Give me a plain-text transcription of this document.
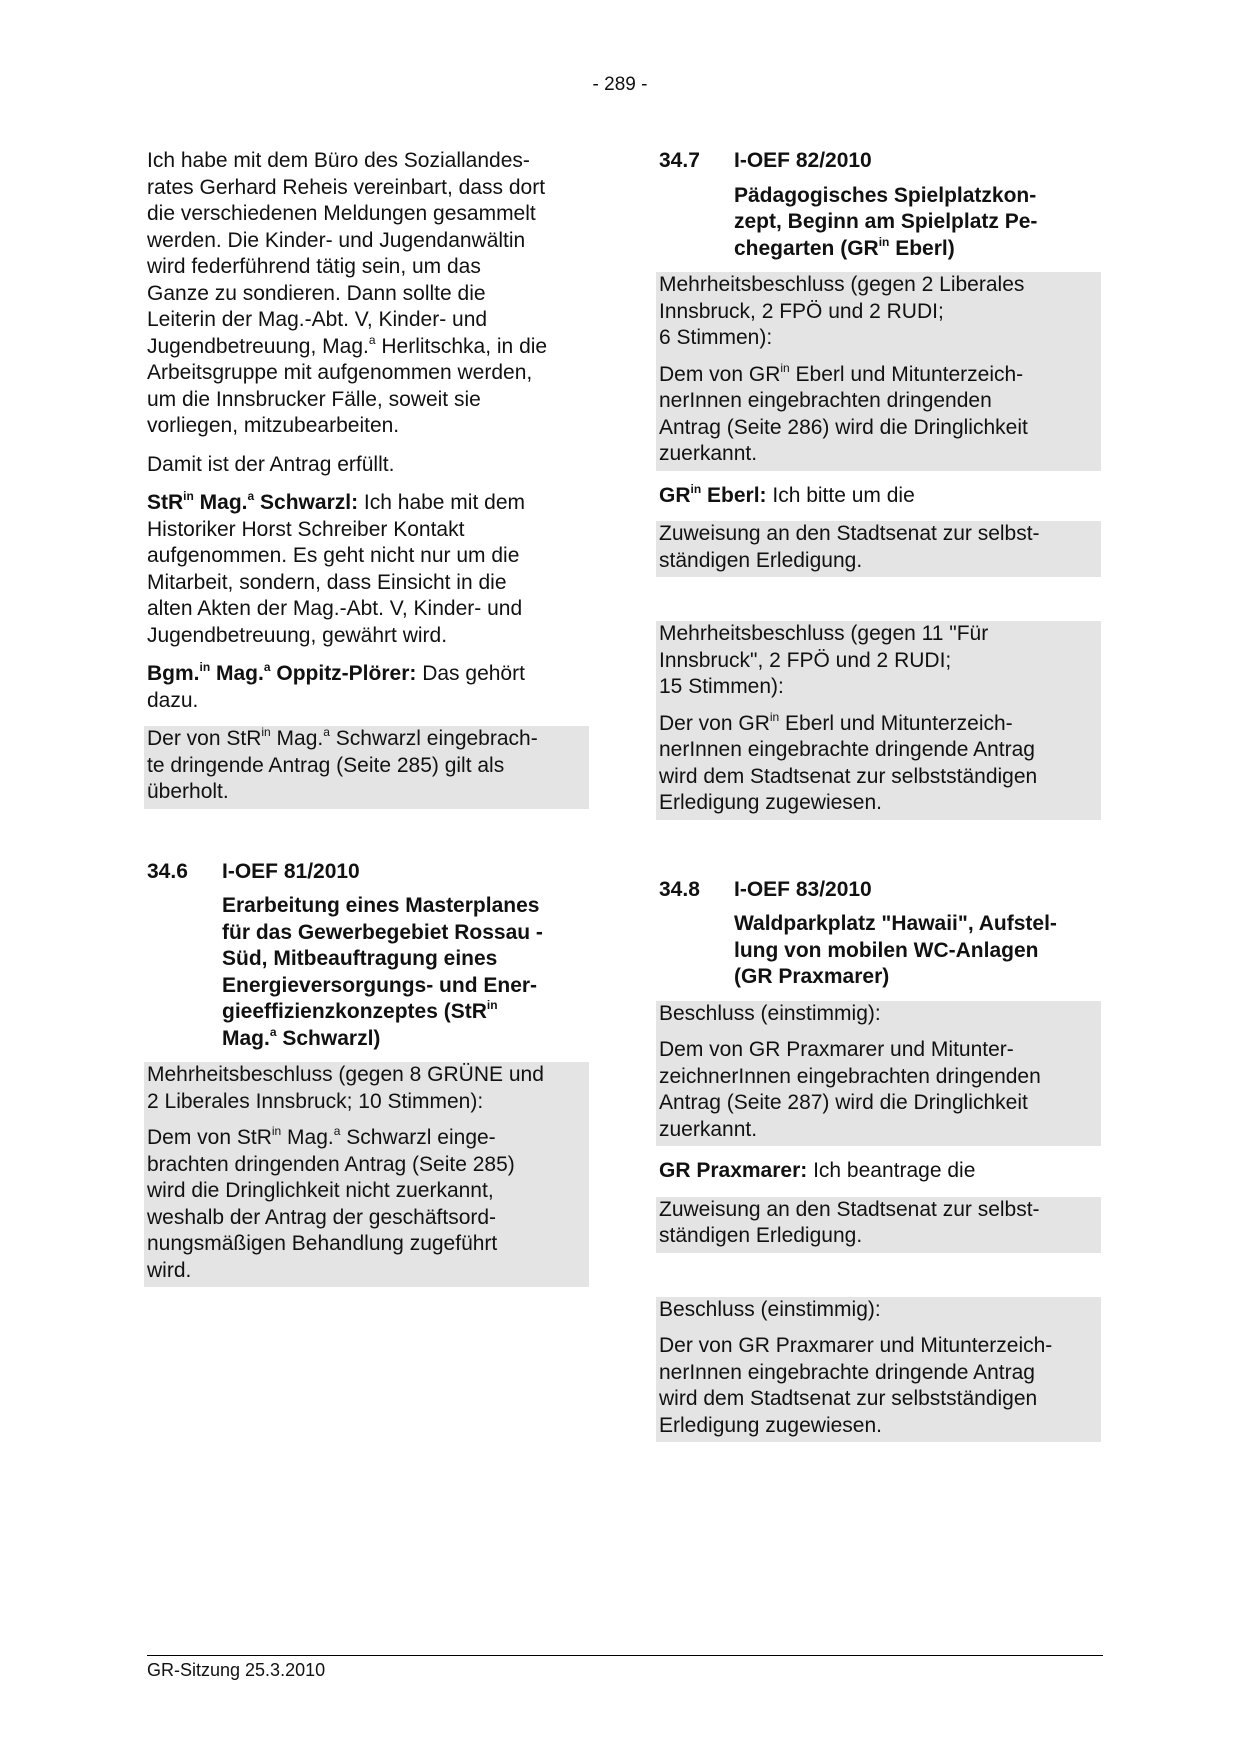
- 289 -

Ich habe mit dem Büro des Soziallandes-
rates Gerhard Reheis vereinbart, dass dort
die verschiedenen Meldungen gesammelt
werden. Die Kinder- und Jugendanwältin
wird federführend tätig sein, um das
Ganze zu sondieren. Dann sollte die
Leiterin der Mag.-Abt. V, Kinder- und
Jugendbetreuung, Mag.$^a$ Herlitschka, in die
Arbeitsgruppe mit aufgenommen werden,
um die Innsbrucker Fälle, soweit sie
vorliegen, mitzubearbeiten.

Damit ist der Antrag erfüllt.

StR$^{in}$ Mag.$^a$ Schwarzl: Ich habe mit dem
Historiker Horst Schreiber Kontakt
aufgenommen. Es geht nicht nur um die
Mitarbeit, sondern, dass Einsicht in die
alten Akten der Mag.-Abt. V, Kinder- und
Jugendbetreuung, gewährt wird.

Bgm.$^{in}$ Mag.$^a$ Oppitz-Plörer: Das gehört
dazu.

Der von StR$^{in}$ Mag.$^a$ Schwarzl eingebrach-
te dringende Antrag (Seite 285) gilt als
überholt.

34.6	I-OEF 81/2010

Erarbeitung eines Masterplanes
für das Gewerbegebiet Rossau -
Süd, Mitbeauftragung eines
Energieversorgungs- und Ener-
gieeffizienzkonzeptes (StR$^{in}$
Mag.$^a$ Schwarzl)

Mehrheitsbeschluss (gegen 8 GRÜNE und
2 Liberales Innsbruck; 10 Stimmen):

Dem von StR$^{in}$ Mag.$^a$ Schwarzl einge-
brachten dringenden Antrag (Seite 285)
wird die Dringlichkeit nicht zuerkannt,
weshalb der Antrag der geschäftsord-
nungsmäßigen Behandlung zugeführt
wird.

34.7	I-OEF 82/2010

Pädagogisches Spielplatzkon-
zept, Beginn am Spielplatz Pe-
chegarten ($GR^{in}$ Eberl)

Mehrheitsbeschluss (gegen 2 Liberales
Innsbruck, 2 FPÖ und 2 RUDI;
6 Stimmen):

Dem von $GR^{in}$ Eberl und Mitunterzeich-
nerInnen eingebrachten dringenden
Antrag (Seite 286) wird die Dringlichkeit
zuerkannt.

$GR^{in}$ Eberl: Ich bitte um die

Zuweisung an den Stadtsenat zur selbst-
ständigen Erledigung.

Mehrheitsbeschluss (gegen 11 "Für
Innsbruck", 2 FPÖ und 2 RUDI;
15 Stimmen):

Der von $GR^{in}$ Eberl und Mitunterzeich-
nerInnen eingebrachte dringende Antrag
wird dem Stadtsenat zur selbstständigen
Erledigung zugewiesen.

34.8	I-OEF 83/2010

Waldparkplatz "Hawaii", Aufstel-
lung von mobilen WC-Anlagen
(GR Praxmarer)

Beschluss (einstimmig):

Dem von GR Praxmarer und Mitunter-
zeichnerInnen eingebrachten dringenden
Antrag (Seite 287) wird die Dringlichkeit
zuerkannt.

GR Praxmarer: Ich beantrage die

Zuweisung an den Stadtsenat zur selbst-
ständigen Erledigung.

Beschluss (einstimmig):

Der von GR Praxmarer und Mitunterzeich-
nerInnen eingebrachte dringende Antrag
wird dem Stadtsenat zur selbstständigen
Erledigung zugewiesen.

GR-Sitzung 25.3.2010
